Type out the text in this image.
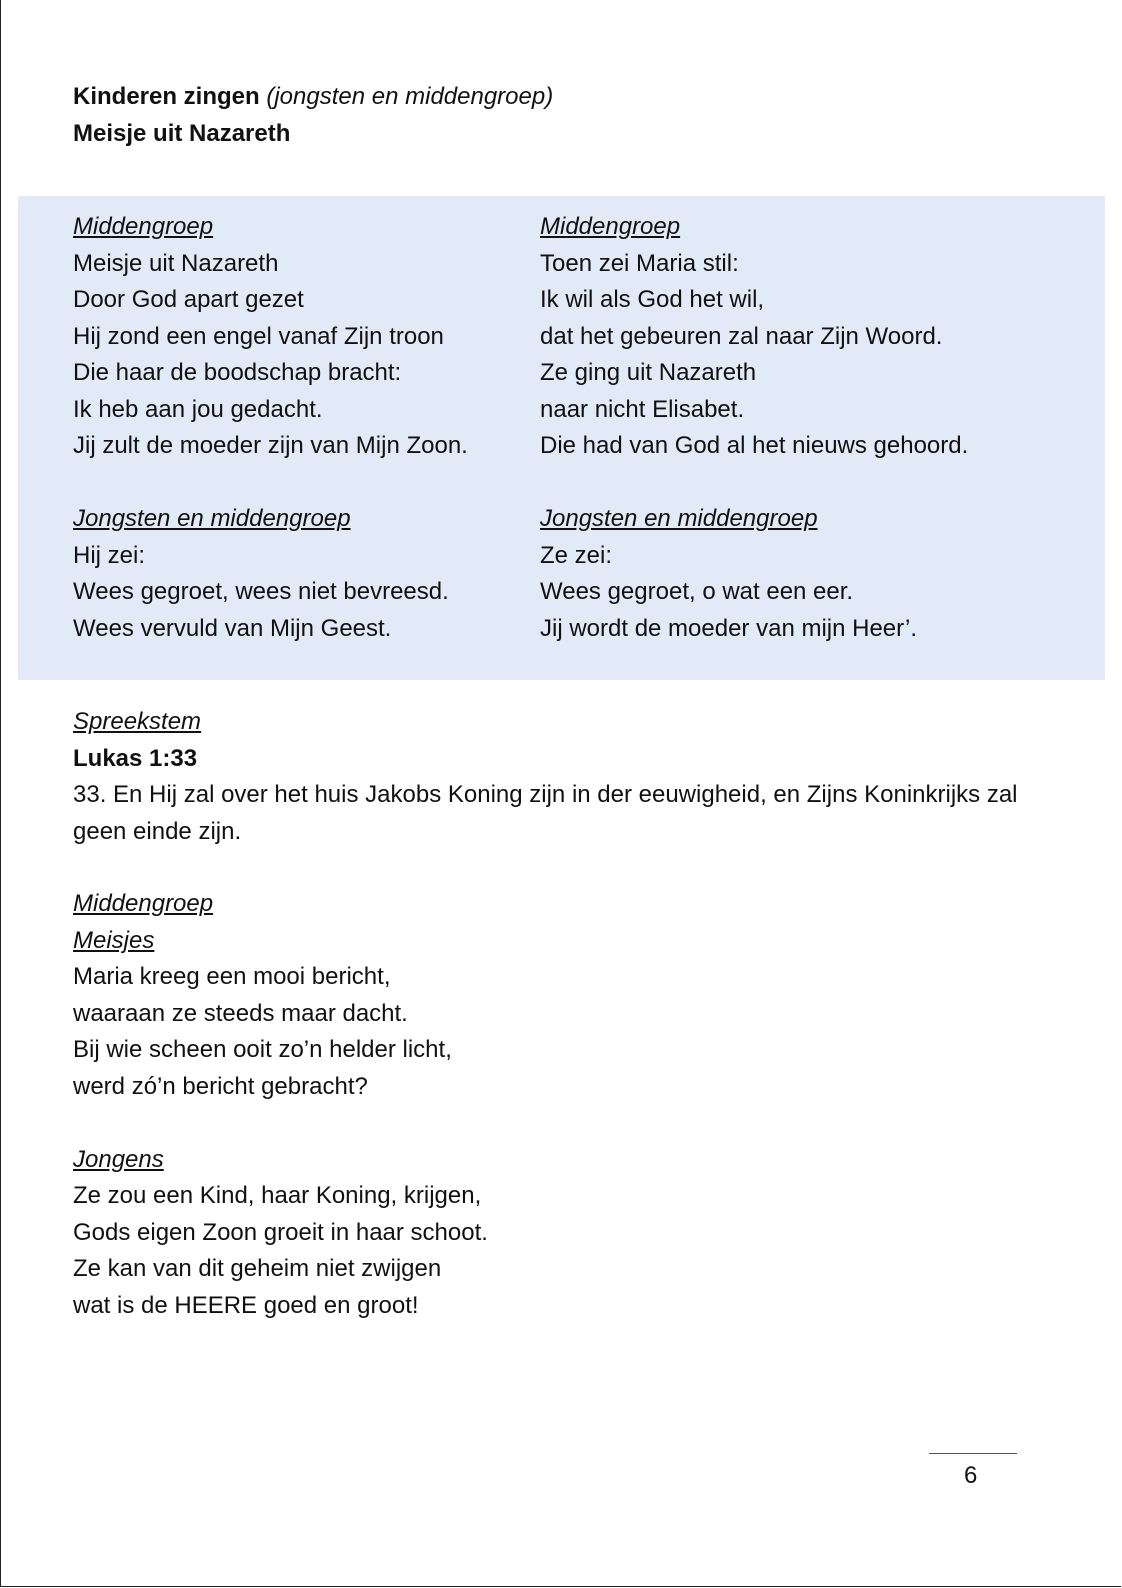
Kinderen zingen (jongsten en middengroep)
Meisje uit Nazareth
Middengroep
Meisje uit Nazareth
Door God apart gezet
Hij zond een engel vanaf Zijn troon
Die haar de boodschap bracht:
Ik heb aan jou gedacht.
Jij zult de moeder zijn van Mijn Zoon.
Jongsten en middengroep
Hij zei:
Wees gegroet, wees niet bevreesd.
Wees vervuld van Mijn Geest.
Middengroep
Toen zei Maria stil:
Ik wil als God het wil,
dat het gebeuren zal naar Zijn Woord.
Ze ging uit Nazareth
naar nicht Elisabet.
Die had van God al het nieuws gehoord.
Jongsten en middengroep
Ze zei:
Wees gegroet, o wat een eer.
Jij wordt de moeder van mijn Heer’.
Spreekstem
Lukas 1:33
33. En Hij zal over het huis Jakobs Koning zijn in der eeuwigheid, en Zijns Koninkrijks zal geen einde zijn.
Middengroep
Meisjes
Maria kreeg een mooi bericht,
waaraan ze steeds maar dacht.
Bij wie scheen ooit zo’n helder licht,
werd zó’n bericht gebracht?
Jongens
Ze zou een Kind, haar Koning, krijgen,
Gods eigen Zoon groeit in haar schoot.
Ze kan van dit geheim niet zwijgen
wat is de HEERE goed en groot!
6
